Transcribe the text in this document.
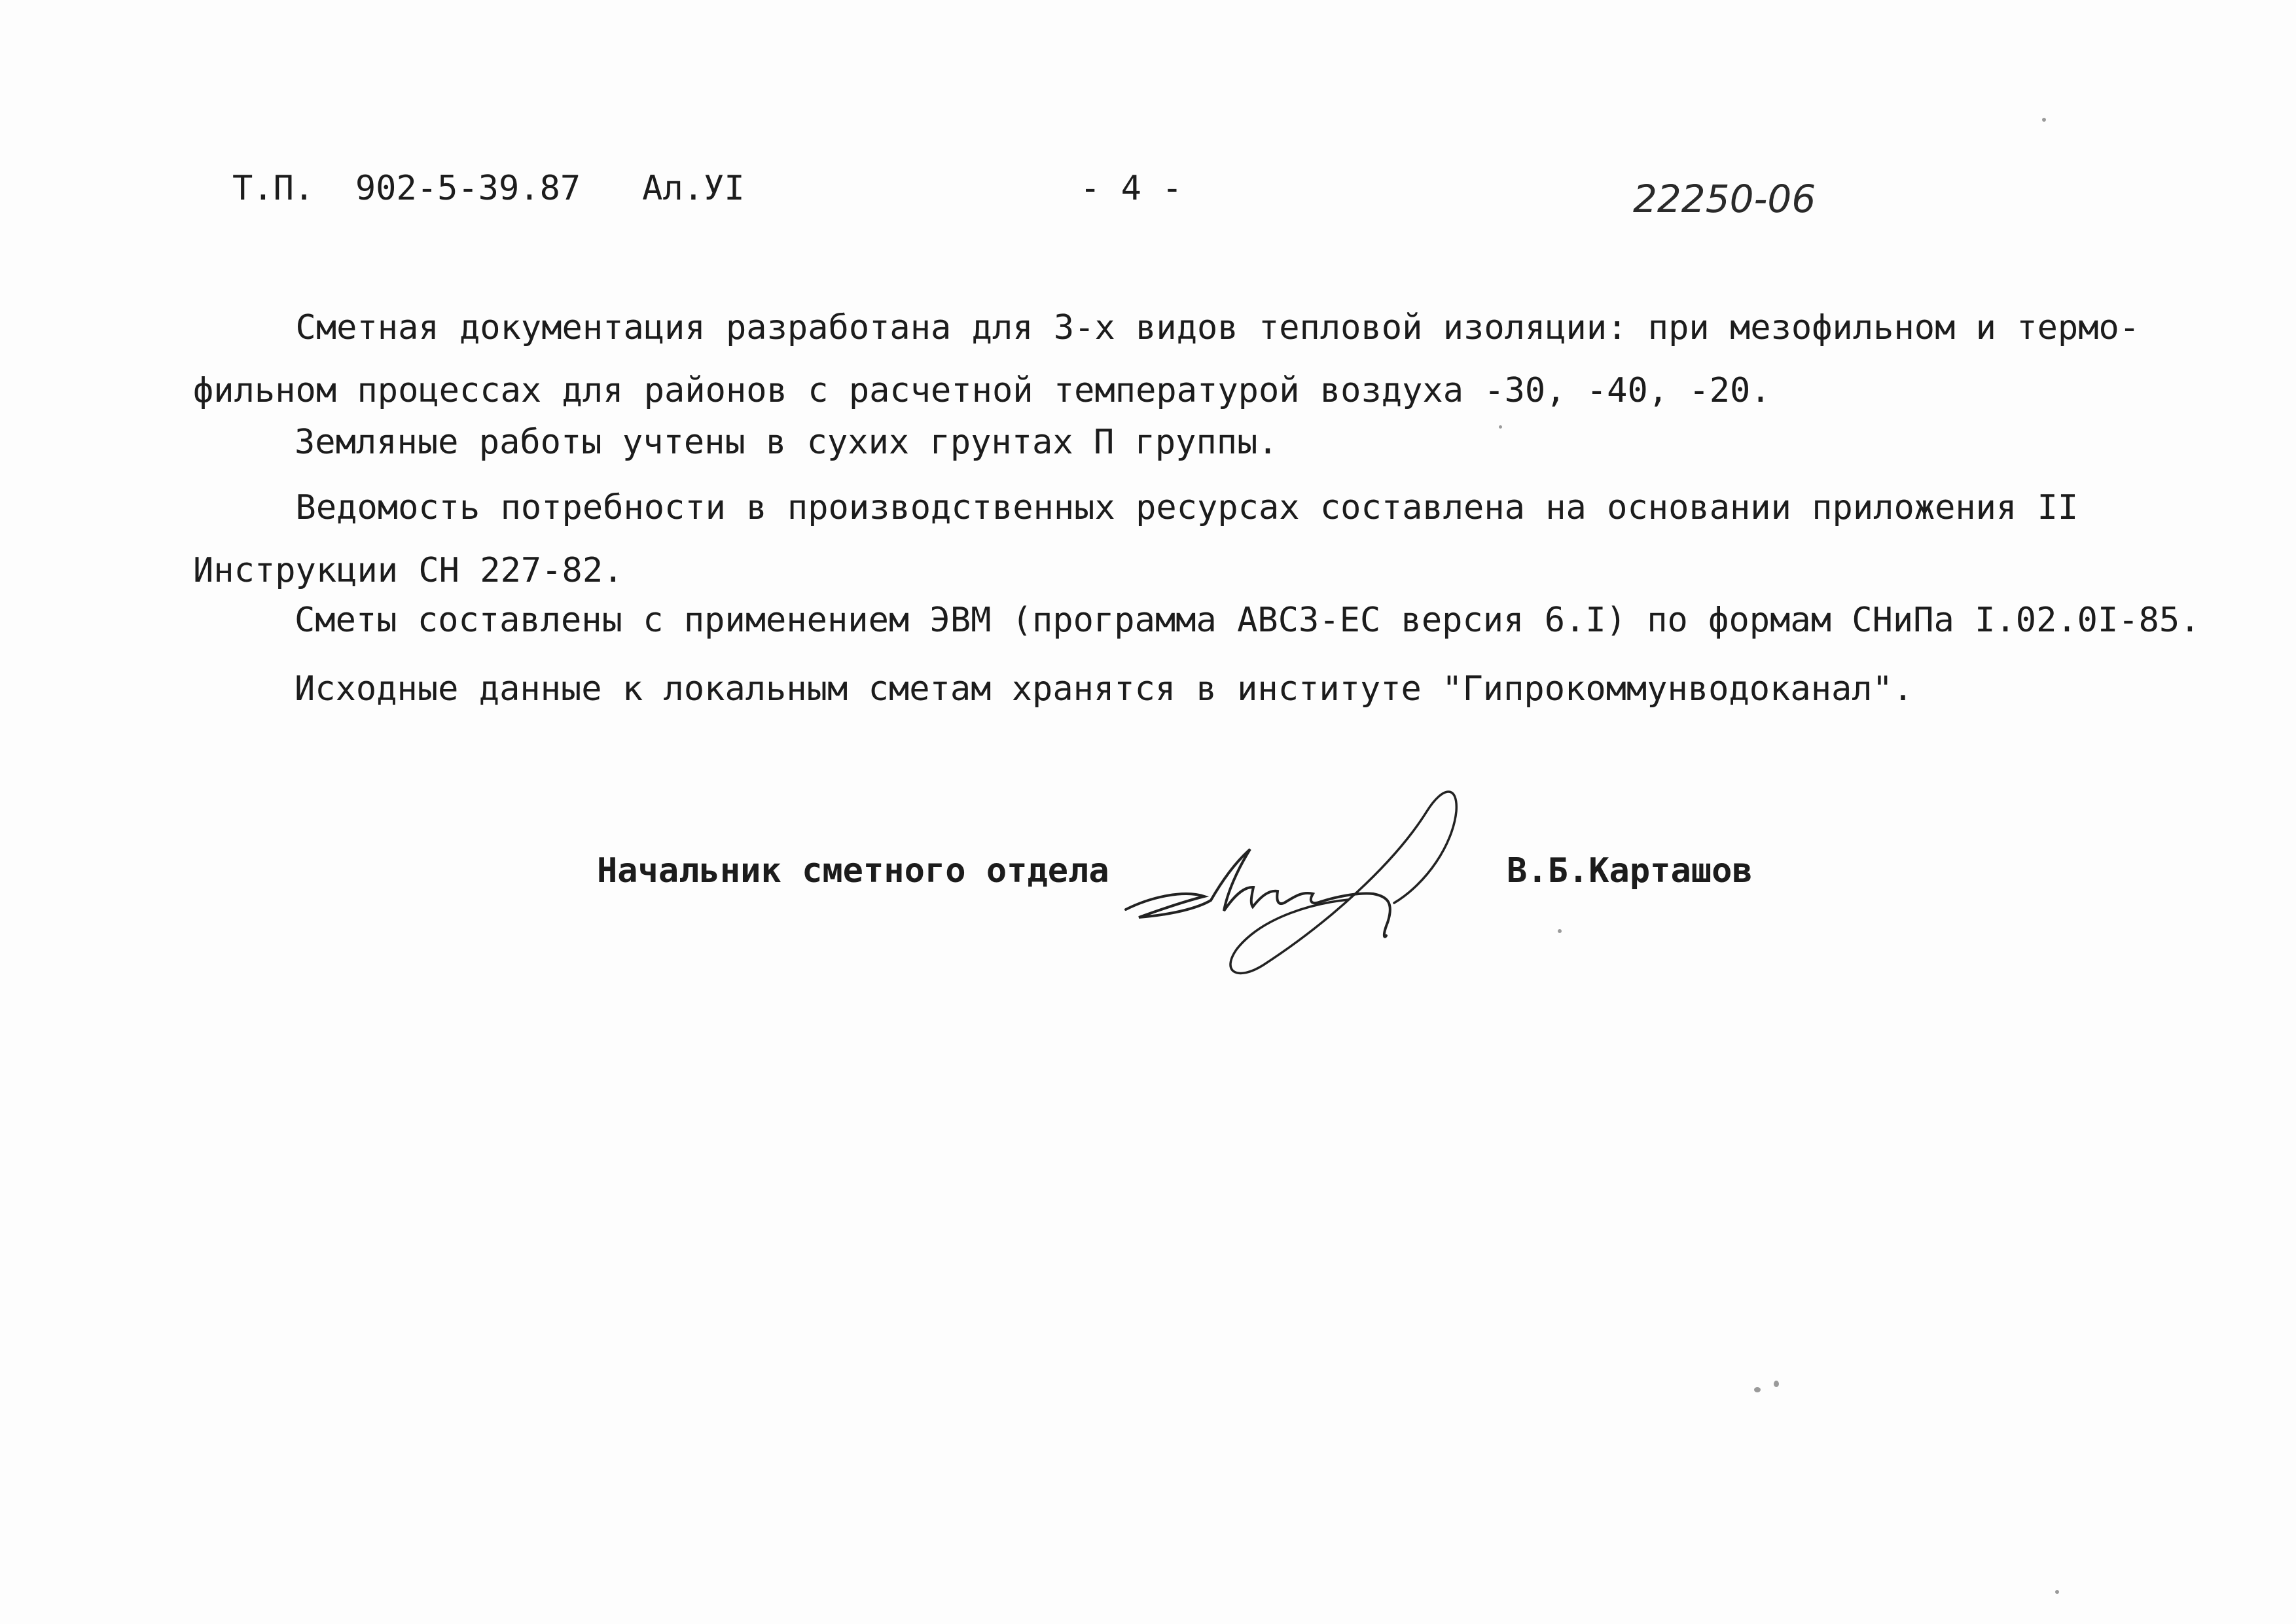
Т.П.  902-5-39.87   Ал.УI	- 4 -	22250-06
Сметная документация разработана для 3-х видов тепловой изоляции: при мезофильном и термо-
фильном процессах для районов с расчетной температурой воздуха -30, -40, -20.
Земляные работы учтены в сухих грунтах П группы.
Ведомость потребности в производственных ресурсах составлена на основании приложения II
Инструкции СН 227-82.
Сметы составлены с применением ЭВМ (программа АВСЗ-ЕС версия 6.I) по формам СНиПа I.02.0I-85.
Исходные данные к локальным сметам хранятся в институте "Гипрокоммунводоканал".
Начальник сметного отдела	В.Б.Карташов
